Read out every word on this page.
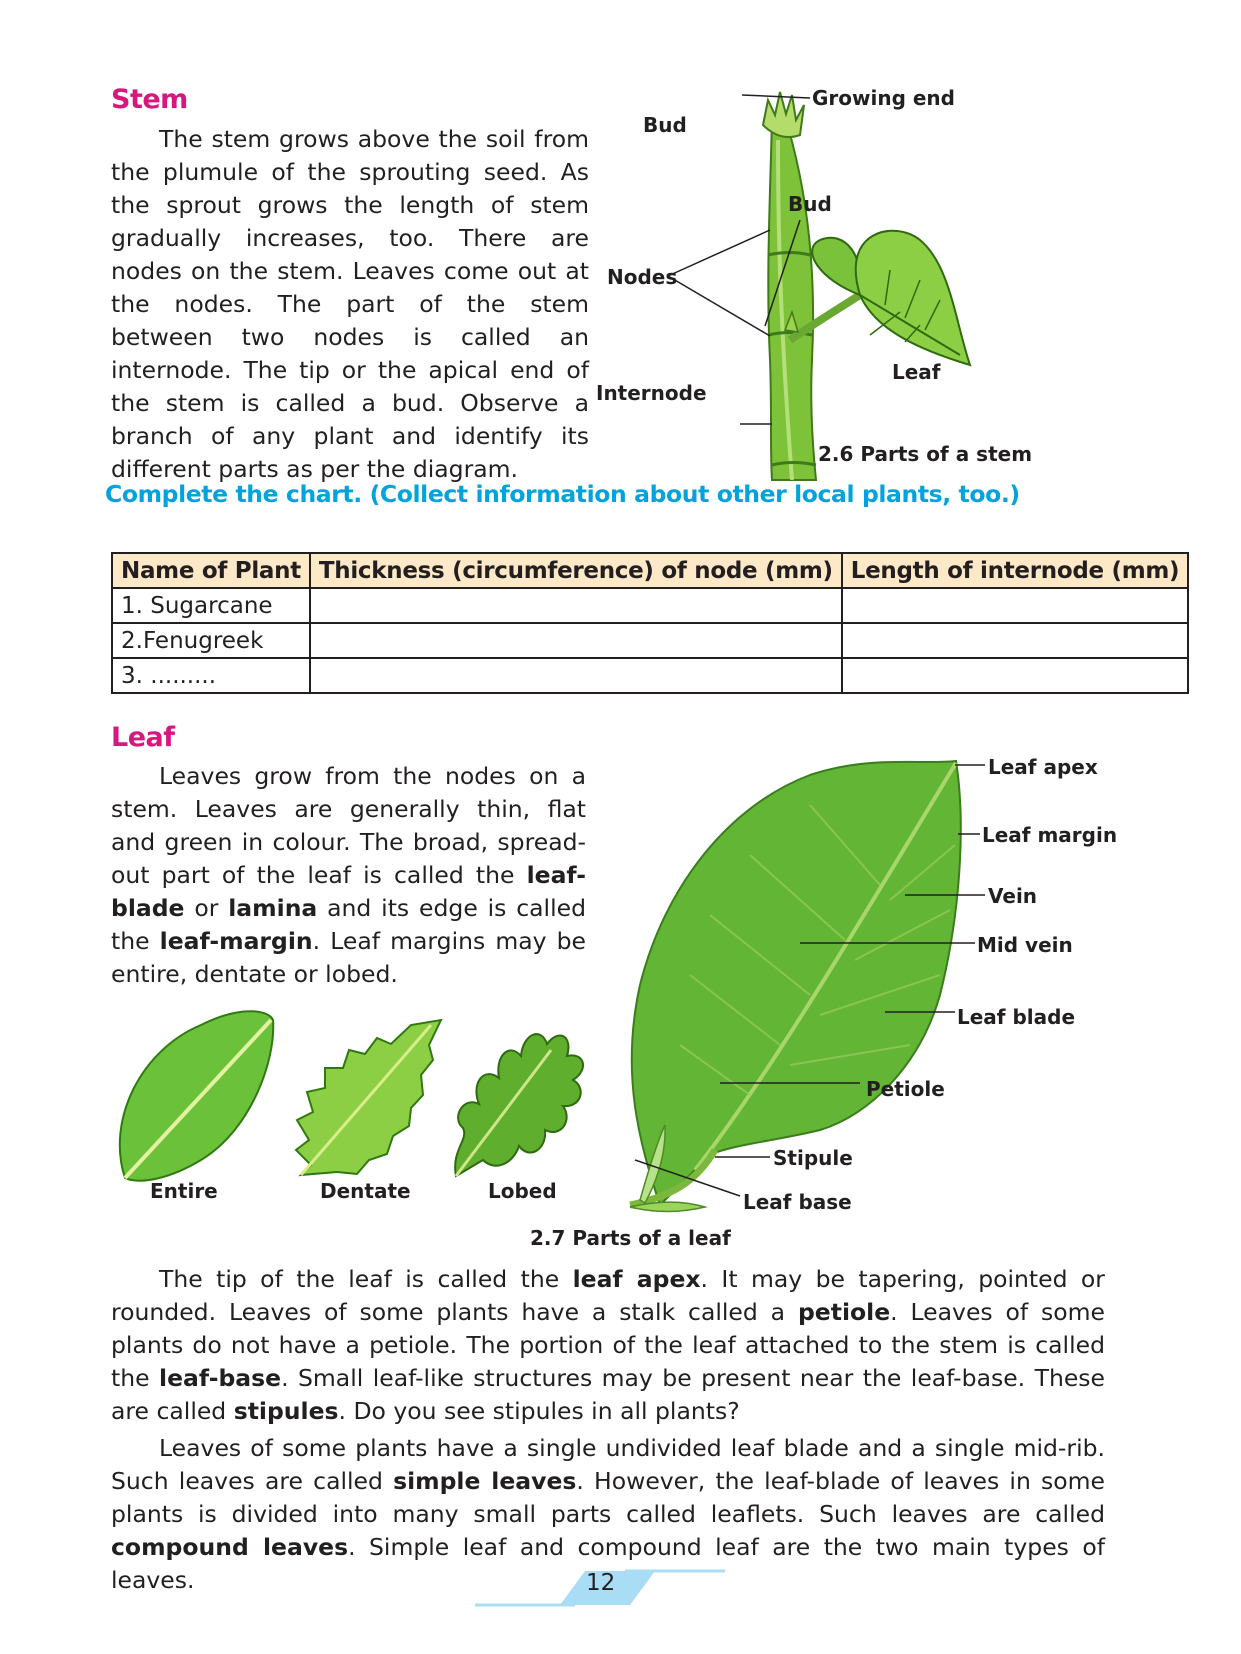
Stem

The stem grows above the soil from the plumule of the sprouting seed. As the sprout grows the length of stem gradually increases, too. There are nodes on the stem. Leaves come out at the nodes. The part of the stem between two nodes is called an internode. The tip or the apical end of the stem is called a bud. Observe a branch of any plant and identify its different parts as per the diagram.

Growing end
Bud
Bud
Nodes
Leaf
Internode
2.6 Parts of a stem
Complete the chart. (Collect information about other local plants, too.)
Name of Plant	Thickness (circumference) of node (mm)	Length of internode (mm)
1. Sugarcane		
2.Fenugreek		
3. .........		
Leaf

Leaves grow from the nodes on a stem. Leaves are generally thin, flat and green in colour. The broad, spread-out part of the leaf is called the leaf-blade or lamina and its edge is called the leaf-margin. Leaf margins may be entire, dentate or lobed.

Entire	Dentate	Lobed
Leaf apex
Leaf margin
Vein
Mid vein
Leaf blade
Petiole
Stipule
Leaf base
2.7 Parts of a leaf

The tip of the leaf is called the leaf apex. It may be tapering, pointed or rounded. Leaves of some plants have a stalk called a petiole. Leaves of some plants do not have a petiole. The portion of the leaf attached to the stem is called the leaf-base. Small leaf-like structures may be present near the leaf-base. These are called stipules. Do you see stipules in all plants?

Leaves of some plants have a single undivided leaf blade and a single mid-rib. Such leaves are called simple leaves. However, the leaf-blade of leaves in some plants is divided into many small parts called leaflets. Such leaves are called compound leaves. Simple leaf and compound leaf are the two main types of leaves.	12
